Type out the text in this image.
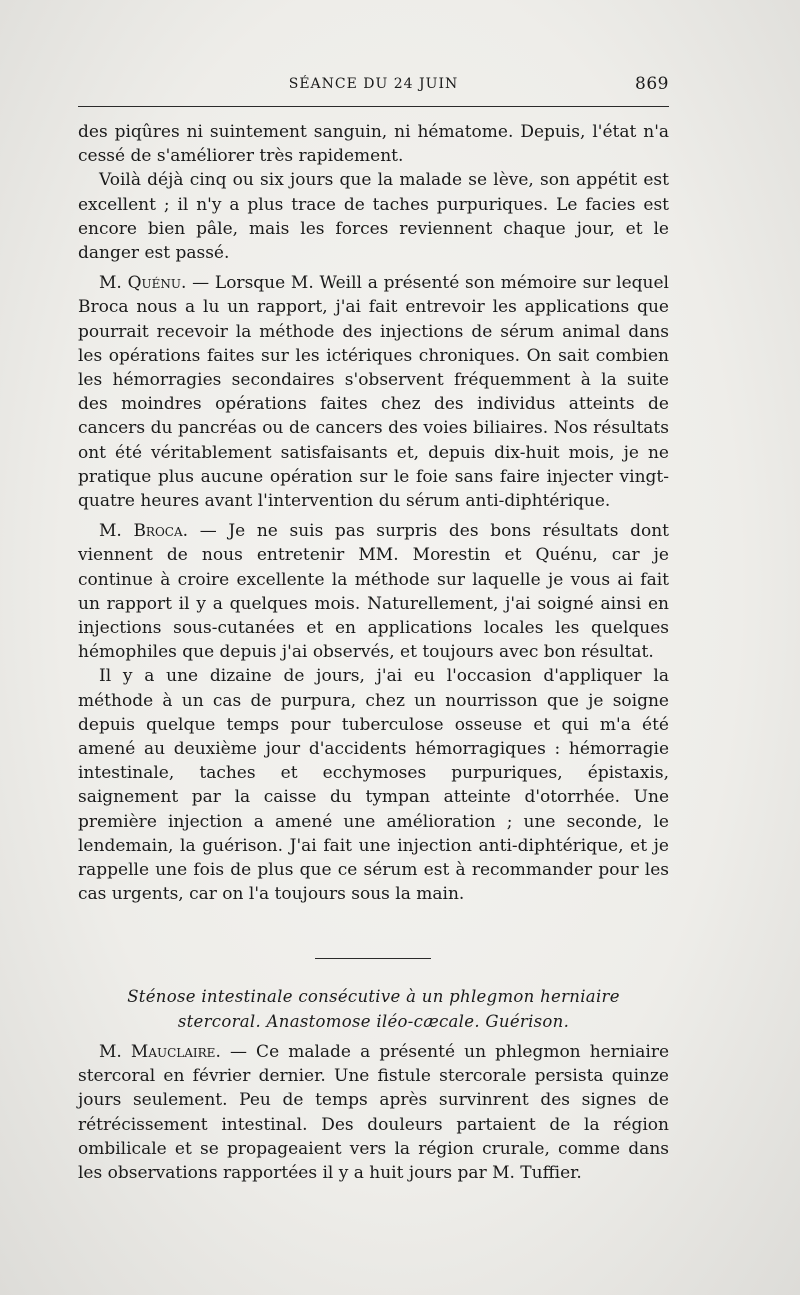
SÉANCE DU 24 JUIN	869

des piqûres ni suintement sanguin, ni hématome. Depuis, l'état n'a cessé de s'améliorer très rapidement.

Voilà déjà cinq ou six jours que la malade se lève, son appétit est excellent ; il n'y a plus trace de taches purpuriques. Le facies est encore bien pâle, mais les forces reviennent chaque jour, et le danger est passé.

M. Quénu. — Lorsque M. Weill a présenté son mémoire sur lequel Broca nous a lu un rapport, j'ai fait entrevoir les applications que pourrait recevoir la méthode des injections de sérum animal dans les opérations faites sur les ictériques chroniques. On sait combien les hémorragies secondaires s'observent fréquemment à la suite des moindres opérations faites chez des individus atteints de cancers du pancréas ou de cancers des voies biliaires. Nos résultats ont été véritablement satisfaisants et, depuis dix-huit mois, je ne pratique plus aucune opération sur le foie sans faire injecter vingt-quatre heures avant l'intervention du sérum anti-diphtérique.

M. Broca. — Je ne suis pas surpris des bons résultats dont viennent de nous entretenir MM. Morestin et Quénu, car je continue à croire excellente la méthode sur laquelle je vous ai fait un rapport il y a quelques mois. Naturellement, j'ai soigné ainsi en injections sous-cutanées et en applications locales les quelques hémophiles que depuis j'ai observés, et toujours avec bon résultat.

Il y a une dizaine de jours, j'ai eu l'occasion d'appliquer la méthode à un cas de purpura, chez un nourrisson que je soigne depuis quelque temps pour tuberculose osseuse et qui m'a été amené au deuxième jour d'accidents hémorragiques : hémorragie intestinale, taches et ecchymoses purpuriques, épistaxis, saignement par la caisse du tympan atteinte d'otorrhée. Une première injection a amené une amélioration ; une seconde, le lendemain, la guérison. J'ai fait une injection anti-diphtérique, et je rappelle une fois de plus que ce sérum est à recommander pour les cas urgents, car on l'a toujours sous la main.

Sténose intestinale consécutive à un phlegmon herniaire
stercoral. Anastomose iléo-cæcale. Guérison.

M. Mauclaire. — Ce malade a présenté un phlegmon herniaire stercoral en février dernier. Une fistule stercorale persista quinze jours seulement. Peu de temps après survinrent des signes de rétrécissement intestinal. Des douleurs partaient de la région ombilicale et se propageaient vers la région crurale, comme dans les observations rapportées il y a huit jours par M. Tuffier.
